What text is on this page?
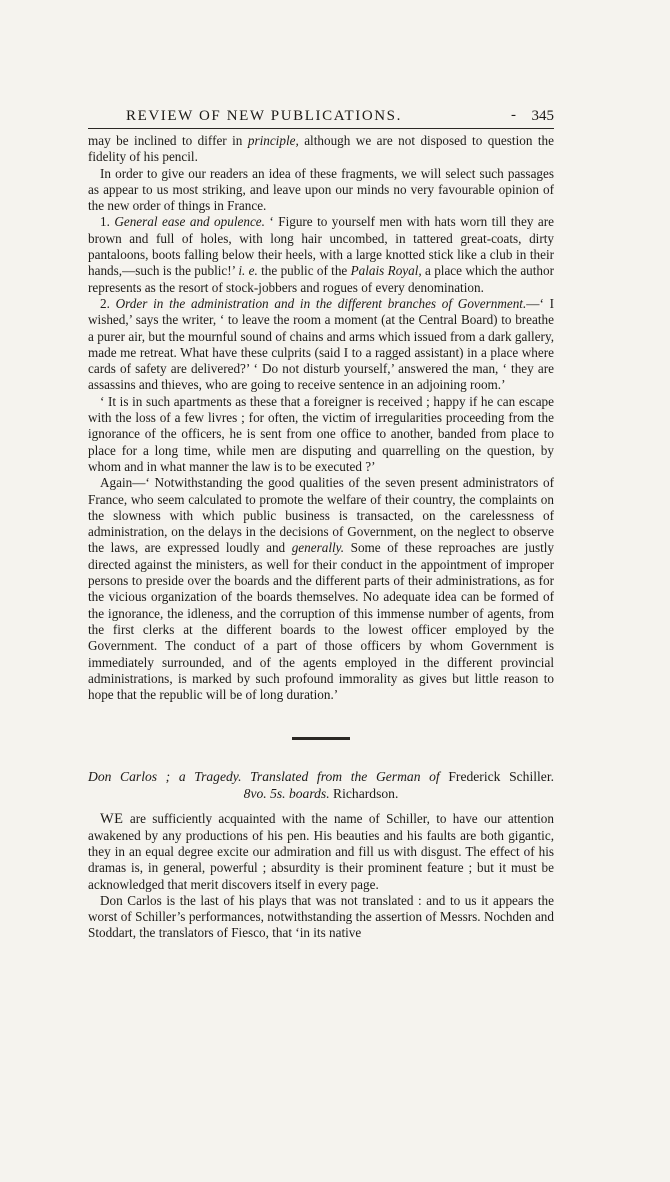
REVIEW OF NEW PUBLICATIONS.	- 345

may be inclined to differ in principle, although we are not disposed to question the fidelity of his pencil.

In order to give our readers an idea of these fragments, we will select such passages as appear to us most striking, and leave upon our minds no very favourable opinion of the new order of things in France.

1. General ease and opulence. ‘ Figure to yourself men with hats worn till they are brown and full of holes, with long hair uncombed, in tattered great-coats, dirty pantaloons, boots falling below their heels, with a large knotted stick like a club in their hands,—such is the public!’ i. e. the public of the Palais Royal, a place which the author represents as the resort of stock-jobbers and rogues of every denomination.

2. Order in the administration and in the different branches of Government.—‘ I wished,’ says the writer, ‘ to leave the room a moment (at the Central Board) to breathe a purer air, but the mournful sound of chains and arms which issued from a dark gallery, made me retreat. What have these culprits (said I to a ragged assistant) in a place where cards of safety are delivered?’ ‘ Do not disturb yourself,’ answered the man, ‘ they are assassins and thieves, who are going to receive sentence in an adjoining room.’

‘ It is in such apartments as these that a foreigner is received ; happy if he can escape with the loss of a few livres ; for often, the victim of irregularities proceeding from the ignorance of the officers, he is sent from one office to another, banded from place to place for a long time, while men are disputing and quarrelling on the question, by whom and in what manner the law is to be executed ?’

Again—‘ Notwithstanding the good qualities of the seven present administrators of France, who seem calculated to promote the welfare of their country, the complaints on the slowness with which public business is transacted, on the carelessness of administration, on the delays in the decisions of Government, on the neglect to observe the laws, are expressed loudly and generally. Some of these reproaches are justly directed against the ministers, as well for their conduct in the appointment of improper persons to preside over the boards and the different parts of their administrations, as for the vicious organization of the boards themselves. No adequate idea can be formed of the ignorance, the idleness, and the corruption of this immense number of agents, from the first clerks at the different boards to the lowest officer employed by the Government. The conduct of a part of those officers by whom Government is immediately surrounded, and of the agents employed in the different provincial administrations, is marked by such profound immorality as gives but little reason to hope that the republic will be of long duration.’

Don Carlos ; a Tragedy. Translated from the German of Frederick Schiller.
8vo. 5s. boards. Richardson.

WE are sufficiently acquainted with the name of Schiller, to have our attention awakened by any productions of his pen. His beauties and his faults are both gigantic, they in an equal degree excite our admiration and fill us with disgust. The effect of his dramas is, in general, powerful ; absurdity is their prominent feature ; but it must be acknowledged that merit discovers itself in every page.

Don Carlos is the last of his plays that was not translated : and to us it appears the worst of Schiller’s performances, notwithstanding the assertion of Messrs. Nochden and Stoddart, the translators of Fiesco, that ‘in its native
